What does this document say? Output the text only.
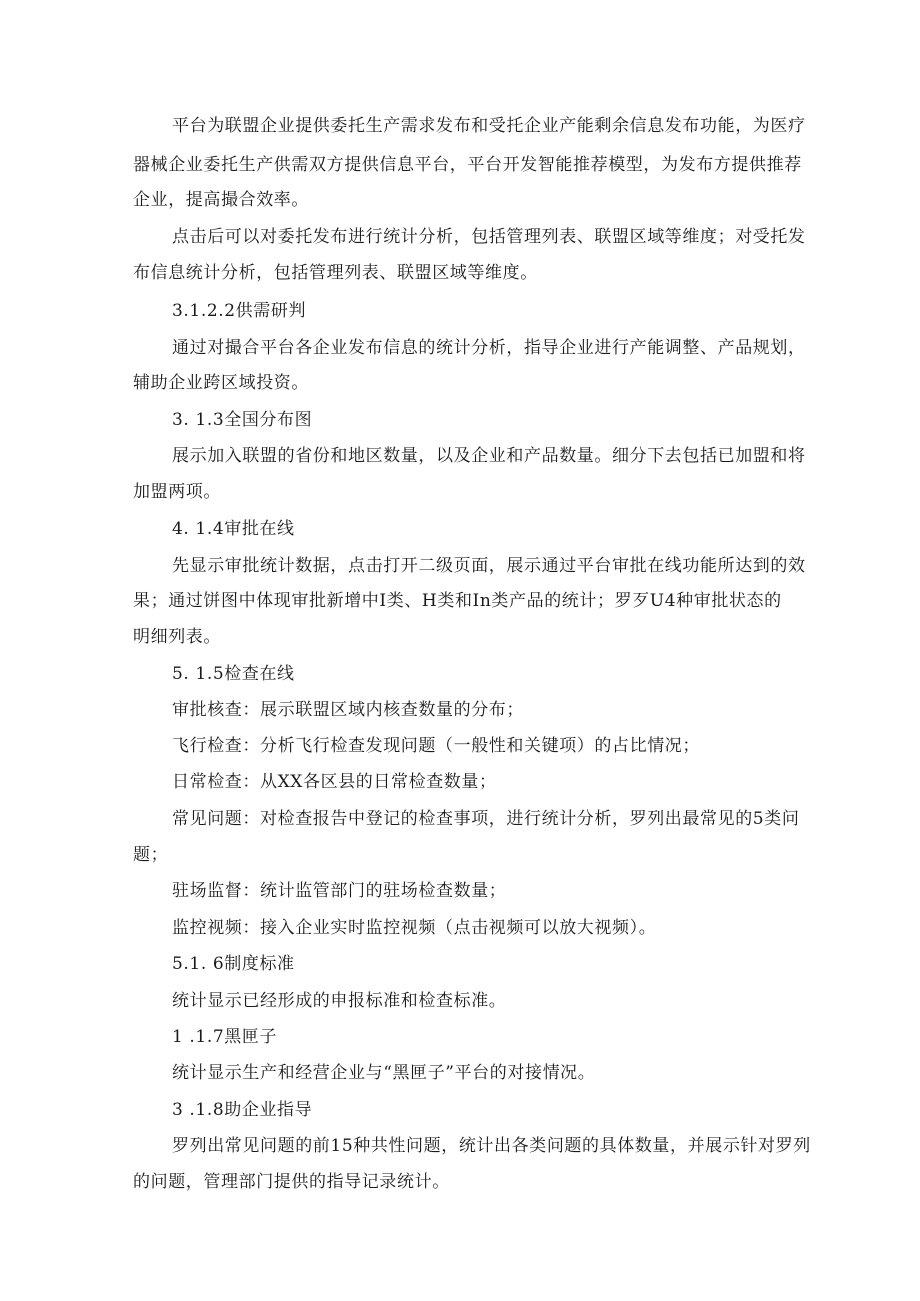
平台为联盟企业提供委托生产需求发布和受托企业产能剩余信息发布功能，为医疗
器械企业委托生产供需双方提供信息平台，平台开发智能推荐模型，为发布方提供推荐
企业，提高撮合效率。
点击后可以对委托发布进行统计分析，包括管理列表、联盟区域等维度；对受托发
布信息统计分析，包括管理列表、联盟区域等维度。
3.1.2.2供需研判
通过对撮合平台各企业发布信息的统计分析，指导企业进行产能调整、产品规划，
辅助企业跨区域投资。
3. 1.3全国分布图
展示加入联盟的省份和地区数量，以及企业和产品数量。细分下去包括已加盟和将
加盟两项。
4. 1.4审批在线
先显示审批统计数据，点击打开二级页面，展示通过平台审批在线功能所达到的效
果；通过饼图中体现审批新增中I类、H类和In类产品的统计；罗歹U4种审批状态的
明细列表。
5. 1.5检查在线
审批核查：展示联盟区域内核查数量的分布；
飞行检查：分析飞行检查发现问题（一般性和关键项）的占比情况；
日常检查：从XX各区县的日常检查数量；
常见问题：对检查报告中登记的检查事项，进行统计分析，罗列出最常见的5类问
题；
驻场监督：统计监管部门的驻场检查数量；
监控视频：接入企业实时监控视频（点击视频可以放大视频）。
5.1. 6制度标准
统计显示已经形成的申报标准和检查标准。
1 .1.7黑匣子
统计显示生产和经营企业与“黑匣子”平台的对接情况。
3 .1.8助企业指导
罗列出常见问题的前15种共性问题，统计出各类问题的具体数量，并展示针对罗列
的问题，管理部门提供的指导记录统计。
